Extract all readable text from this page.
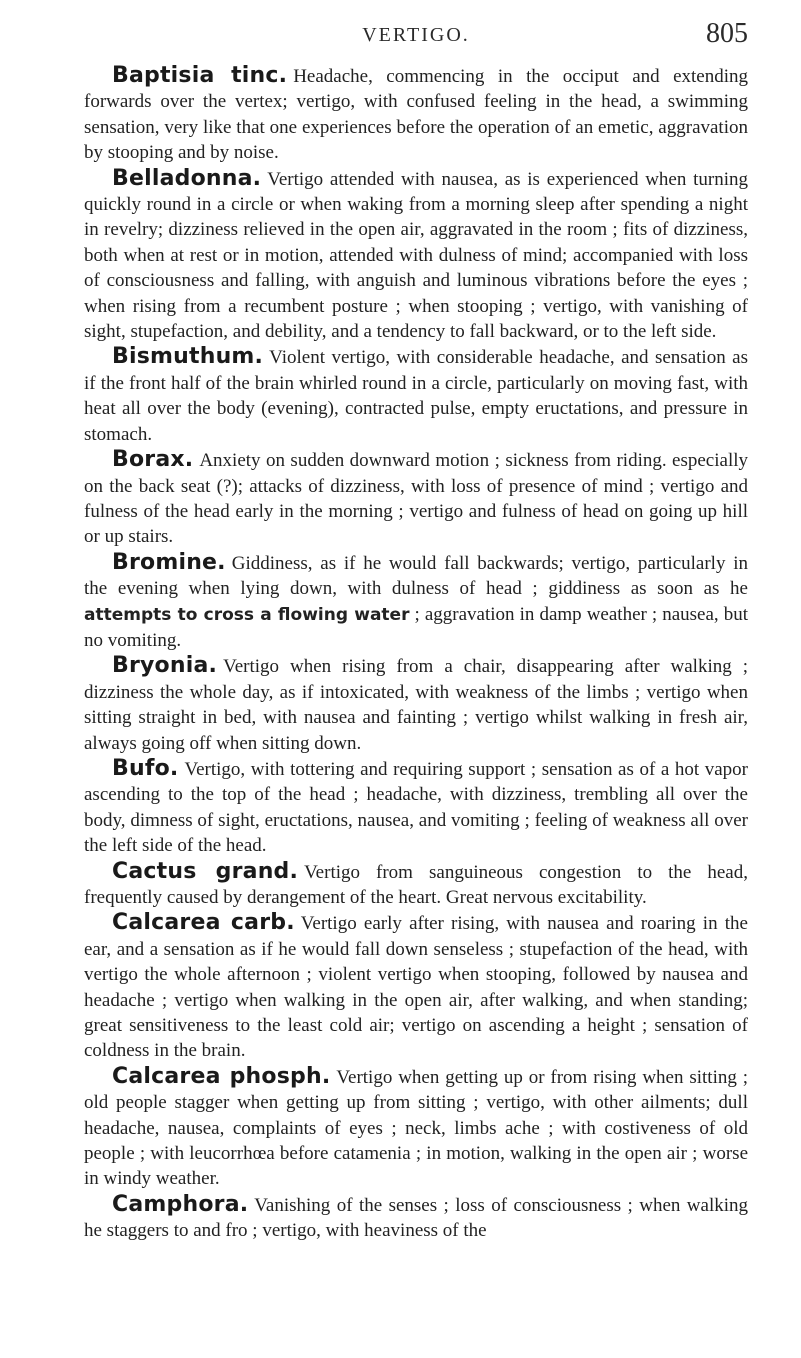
VERTIGO.	805

Baptisia tinc. Headache, commencing in the occiput and extending forwards over the vertex; vertigo, with confused feeling in the head, a swimming sensation, very like that one experiences before the operation of an emetic, aggravation by stooping and by noise.

Belladonna. Vertigo attended with nausea, as is experienced when turning quickly round in a circle or when waking from a morning sleep after spending a night in revelry; dizziness relieved in the open air, aggravated in the room ; fits of dizziness, both when at rest or in motion, attended with dulness of mind; accompanied with loss of consciousness and falling, with anguish and luminous vibrations before the eyes ; when rising from a recumbent posture ; when stooping ; vertigo, with vanishing of sight, stupefaction, and debility, and a tendency to fall backward, or to the left side.

Bismuthum. Violent vertigo, with considerable headache, and sensation as if the front half of the brain whirled round in a circle, particularly on moving fast, with heat all over the body (evening), contracted pulse, empty eructations, and pressure in stomach.

Borax. Anxiety on sudden downward motion ; sickness from riding. especially on the back seat (?); attacks of dizziness, with loss of presence of mind ; vertigo and fulness of the head early in the morning ; vertigo and fulness of head on going up hill or up stairs.

Bromine. Giddiness, as if he would fall backwards; vertigo, particularly in the evening when lying down, with dulness of head ; giddiness as soon as he attempts to cross a flowing water ; aggravation in damp weather ; nausea, but no vomiting.

Bryonia. Vertigo when rising from a chair, disappearing after walking ; dizziness the whole day, as if intoxicated, with weakness of the limbs ; vertigo when sitting straight in bed, with nausea and fainting ; vertigo whilst walking in fresh air, always going off when sitting down.

Bufo. Vertigo, with tottering and requiring support ; sensation as of a hot vapor ascending to the top of the head ; headache, with dizziness, trembling all over the body, dimness of sight, eructations, nausea, and vomiting ; feeling of weakness all over the left side of the head.

Cactus grand. Vertigo from sanguineous congestion to the head, frequently caused by derangement of the heart. Great nervous excitability.

Calcarea carb. Vertigo early after rising, with nausea and roaring in the ear, and a sensation as if he would fall down senseless ; stupefaction of the head, with vertigo the whole afternoon ; violent vertigo when stooping, followed by nausea and headache ; vertigo when walking in the open air, after walking, and when standing; great sensitiveness to the least cold air; vertigo on ascending a height ; sensation of coldness in the brain.

Calcarea phosph. Vertigo when getting up or from rising when sitting ; old people stagger when getting up from sitting ; vertigo, with other ailments; dull headache, nausea, complaints of eyes ; neck, limbs ache ; with costiveness of old people ; with leucorrhœa before catamenia ; in motion, walking in the open air ; worse in windy weather.

Camphora. Vanishing of the senses ; loss of consciousness ; when walking he staggers to and fro ; vertigo, with heaviness of the
